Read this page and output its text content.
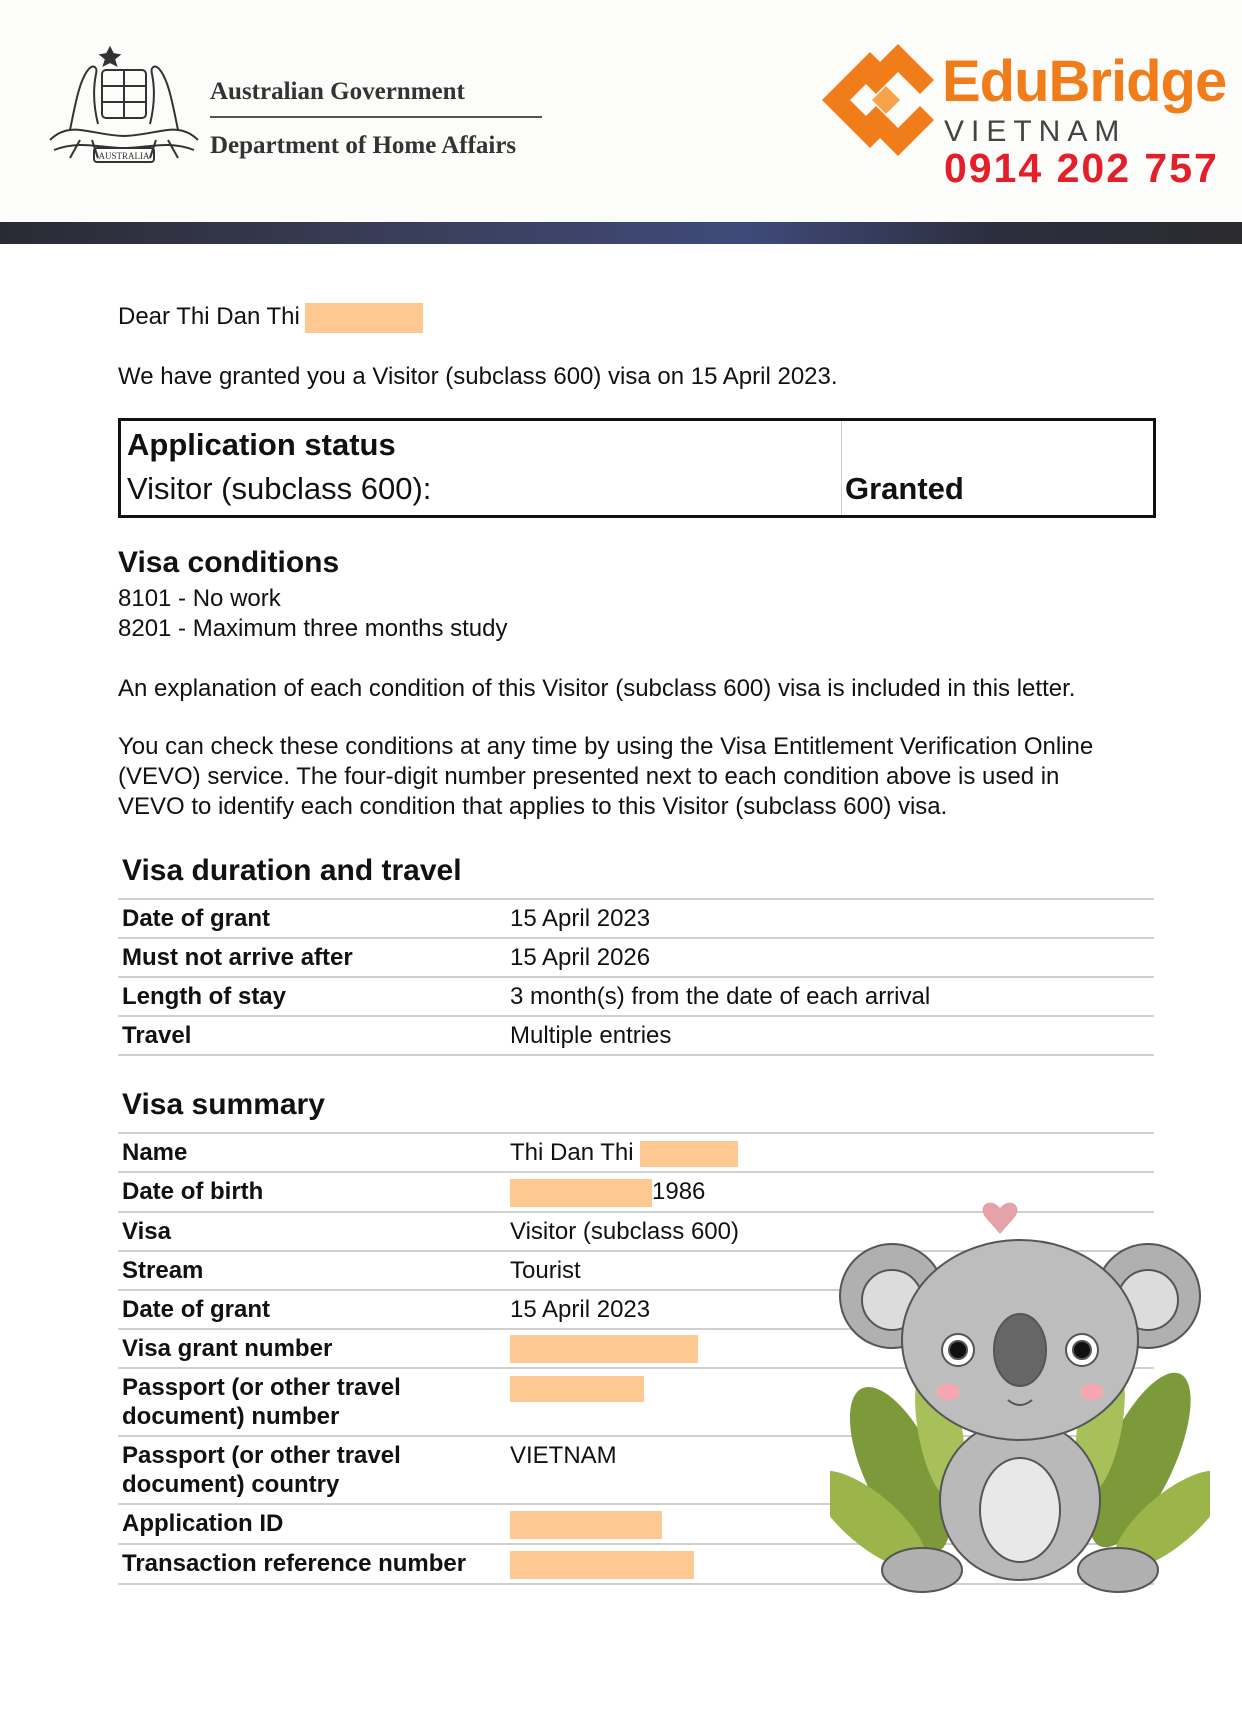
AUSTRALIA
Australian Government
Department of Home Affairs
EduBridge
VIETNAM
0914 202 757
Dear Thi Dan Thi
We have granted you a Visitor (subclass 600) visa on 15 April 2023.
Application status
Visitor (subclass 600):	Granted
Visa conditions
8101 - No work
8201 - Maximum three months study
An explanation of each condition of this Visitor (subclass 600) visa is included in this letter.
You can check these conditions at any time by using the Visa Entitlement Verification Online
(VEVO) service. The four-digit number presented next to each condition above is used in
VEVO to identify each condition that applies to this Visitor (subclass 600) visa.
Visa duration and travel
Date of grant	15 April 2023
Must not arrive after	15 April 2026
Length of stay	3 month(s) from the date of each arrival
Travel	Multiple entries
Visa summary
Name	Thi Dan Thi
Date of birth	1986
Visa	Visitor (subclass 600)
Stream	Tourist
Date of grant	15 April 2023
Visa grant number	
Passport (or other travel
document) number	
Passport (or other travel
document) country	VIETNAM
Application ID	
Transaction reference number	
